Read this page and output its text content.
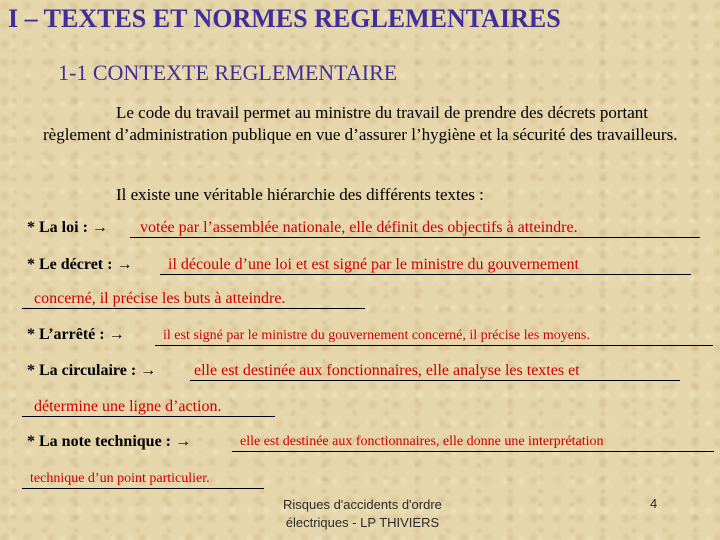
I – TEXTES ET NORMES REGLEMENTAIRES
1-1 CONTEXTE REGLEMENTAIRE
Le code du travail permet au ministre du travail de prendre des décrets portant règlement d’administration publique en vue d’assurer l’hygiène et la sécurité des travailleurs.
Il existe une véritable hiérarchie des différents textes :
* La loi : →	votée par l’assemblée nationale, elle définit des objectifs à atteindre.
* Le décret : →	il découle d’une loi et est signé par le ministre du gouvernement
concerné, il précise les buts à atteindre.
* L’arrêté : →	il est signé par le ministre du gouvernement concerné, il précise les moyens.
* La circulaire : → elle est destinée aux fonctionnaires, elle analyse les textes et
détermine une ligne d’action.
* La note technique : →	elle est destinée aux fonctionnaires, elle donne une interprétation
technique d’un point particulier.
Risques d'accidents d'ordre
électriques - LP THIVIERS
4
